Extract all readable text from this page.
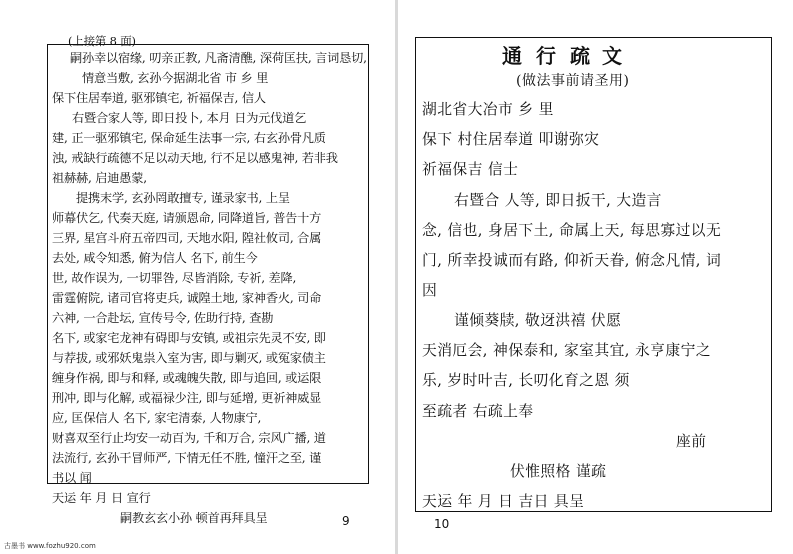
(上接第 8 面)
嗣孙幸以宿缘, 叨亲正教, 凡斋清醮, 深荷匡扶, 言词恳切,
情意当敷, 玄孙今据湖北省 市 乡 里
保下住居奉道, 驱邪镇宅, 祈福保吉, 信人
右暨合家人等, 即日投卜, 本月 日为元伐道乞
建, 正一驱邪镇宅, 保命延生法事一宗, 右玄孙骨凡质
浊, 戒缺行疏德不足以动天地, 行不足以感鬼神, 若非我
祖赫赫, 启迪愚蒙,
提携末学, 玄孙罔敢擅专, 谨录家书, 上呈
师幕伏乞, 代奏天庭, 请颁恩命, 同降道旨, 普告十方
三界, 星宫斗府五帝四司, 天地水阳, 隍社攸司, 合属
去处, 咸令知悉, 俯为信人 名下, 前生今
世, 故作误为, 一切罪咎, 尽皆消除, 专祈, 差降,
雷霆俯院, 诸司官将吏兵, 诚隍土地, 家神香火, 司命
六神, 一合赴坛, 宣传号令, 佐助行持, 查勘
名下, 或家宅龙神有碍即与安镇, 或祖宗先灵不安, 即
与荐拔, 或邪妖鬼祟入室为害, 即与剿灭, 或冤家债主
缠身作祸, 即与和释, 或魂魄失散, 即与追回, 或运限
刑冲, 即与化解, 或福禄少注, 即与延增, 更祈神威显
应, 匡保信人 名下, 家宅清泰, 人物康宁,
财喜双至行止均安一动百为, 千和万合, 宗风广播, 道
法流行, 玄孙干冒师严, 下情无任不胜, 憧汗之至, 谨
书以 闻
天运 年 月 日 宣行
嗣教玄玄小孙 顿首再拜具呈	9
通行疏文
(做法事前请圣用)
湖北省大冶市 乡 里
保下 村住居奉道 叩谢弥灾
祈福保吉 信士
右暨合 人等, 即日扳干, 大造言
念, 信也, 身居下土, 命属上天, 每思寡过以无
门, 所幸投诚而有路, 仰祈天眷, 俯念凡情, 词
因
谨倾葵牍, 敬迓洪禧 伏愿
天消厄会, 神保泰和, 家室其宜, 永亨康宁之
乐, 岁时叶吉, 长叨化育之恩 须
至疏者 右疏上奉
座前
伏惟照格 谨疏
天运 年 月 日 吉日 具呈
10
古墨书 www.fozhu920.com
